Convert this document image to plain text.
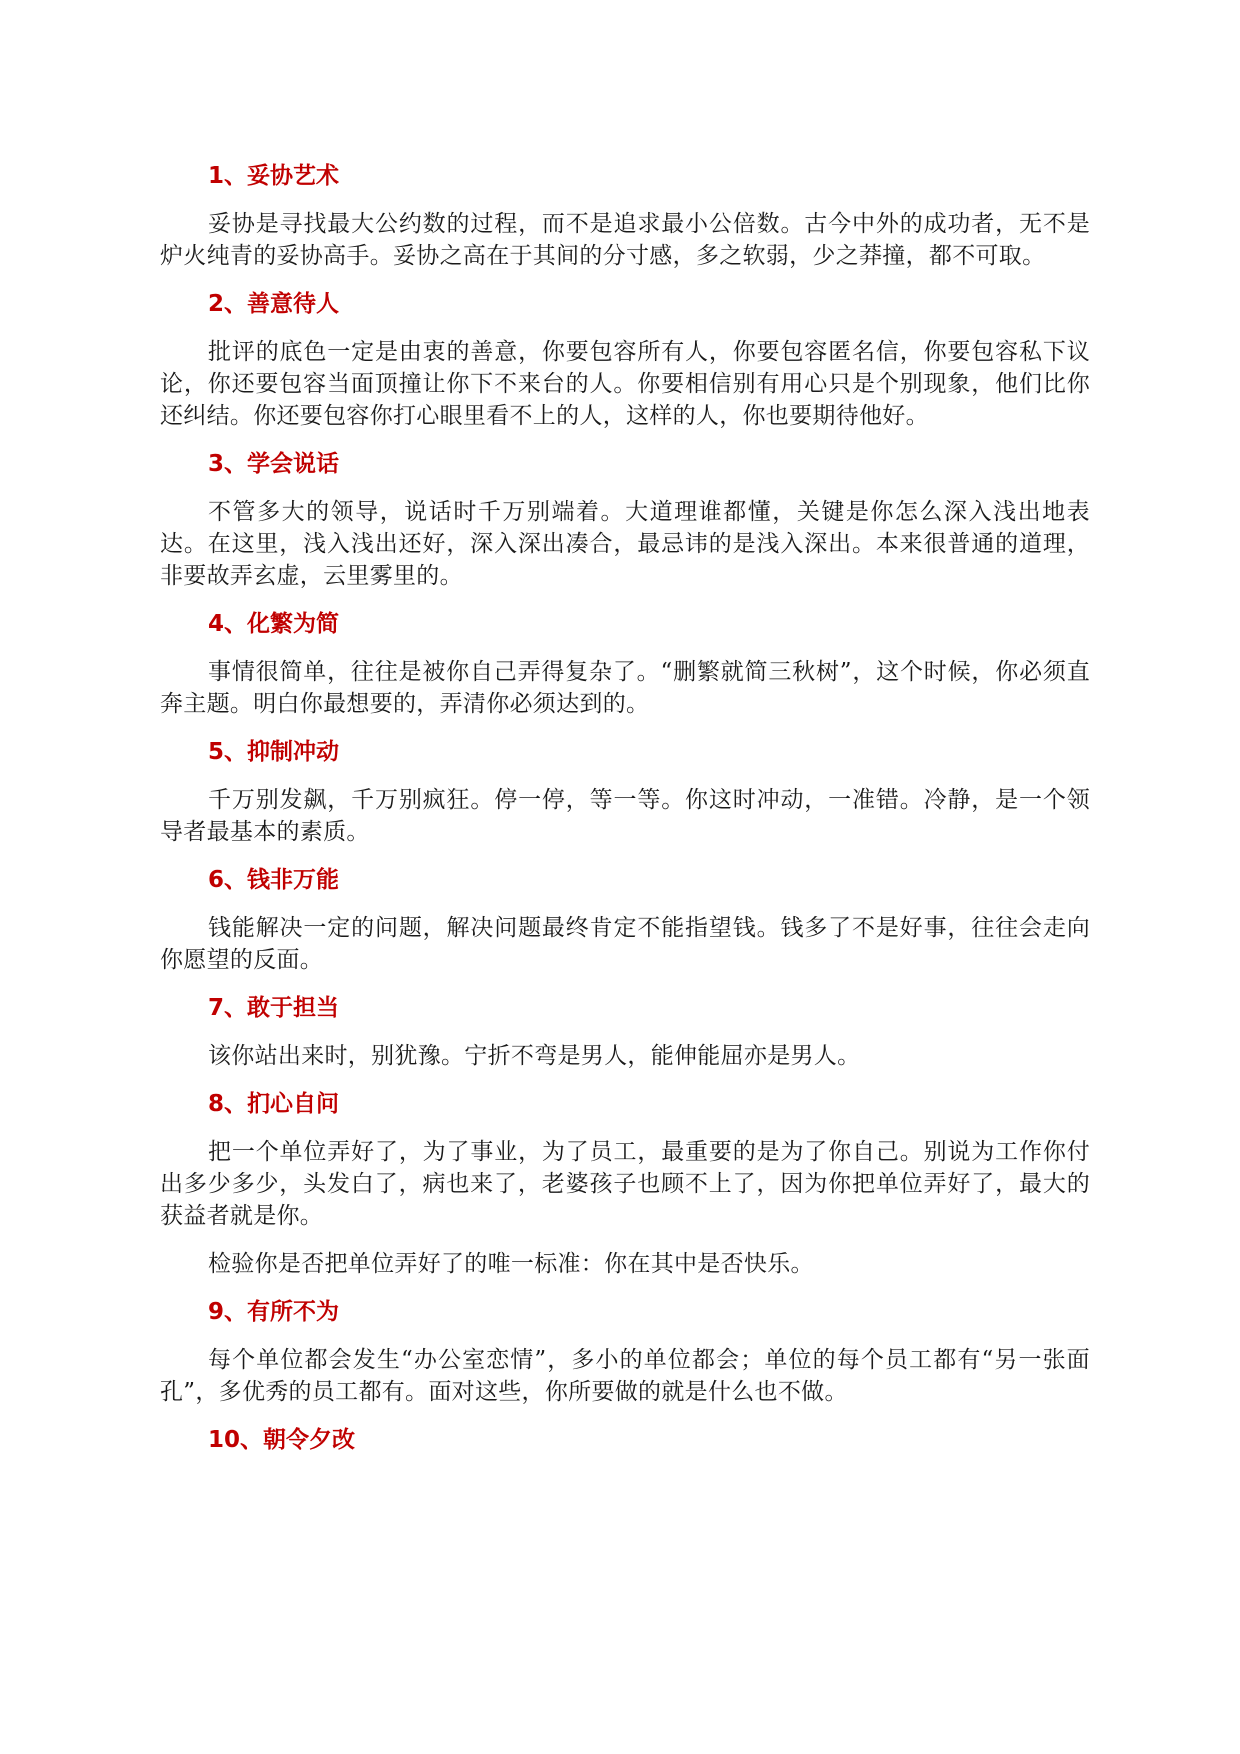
1、妥协艺术

妥协是寻找最大公约数的过程，而不是追求最小公倍数。古今中外的成功者，无不是炉火纯青的妥协高手。妥协之高在于其间的分寸感，多之软弱，少之莽撞，都不可取。

2、善意待人

批评的底色一定是由衷的善意，你要包容所有人，你要包容匿名信，你要包容私下议论，你还要包容当面顶撞让你下不来台的人。你要相信别有用心只是个别现象，他们比你还纠结。你还要包容你打心眼里看不上的人，这样的人，你也要期待他好。

3、学会说话

不管多大的领导，说话时千万别端着。大道理谁都懂，关键是你怎么深入浅出地表达。在这里，浅入浅出还好，深入深出凑合，最忌讳的是浅入深出。本来很普通的道理，非要故弄玄虚，云里雾里的。

4、化繁为简

事情很简单，往往是被你自己弄得复杂了。“删繁就简三秋树”，这个时候，你必须直奔主题。明白你最想要的，弄清你必须达到的。

5、抑制冲动

千万别发飙，千万别疯狂。停一停，等一等。你这时冲动，一准错。冷静，是一个领导者最基本的素质。

6、钱非万能

钱能解决一定的问题，解决问题最终肯定不能指望钱。钱多了不是好事，往往会走向你愿望的反面。

7、敢于担当

该你站出来时，别犹豫。宁折不弯是男人，能伸能屈亦是男人。

8、扪心自问

把一个单位弄好了，为了事业，为了员工，最重要的是为了你自己。别说为工作你付出多少多少，头发白了，病也来了，老婆孩子也顾不上了，因为你把单位弄好了，最大的获益者就是你。

检验你是否把单位弄好了的唯一标准：你在其中是否快乐。

9、有所不为

每个单位都会发生“办公室恋情”，多小的单位都会；单位的每个员工都有“另一张面孔”，多优秀的员工都有。面对这些，你所要做的就是什么也不做。

10、朝令夕改
